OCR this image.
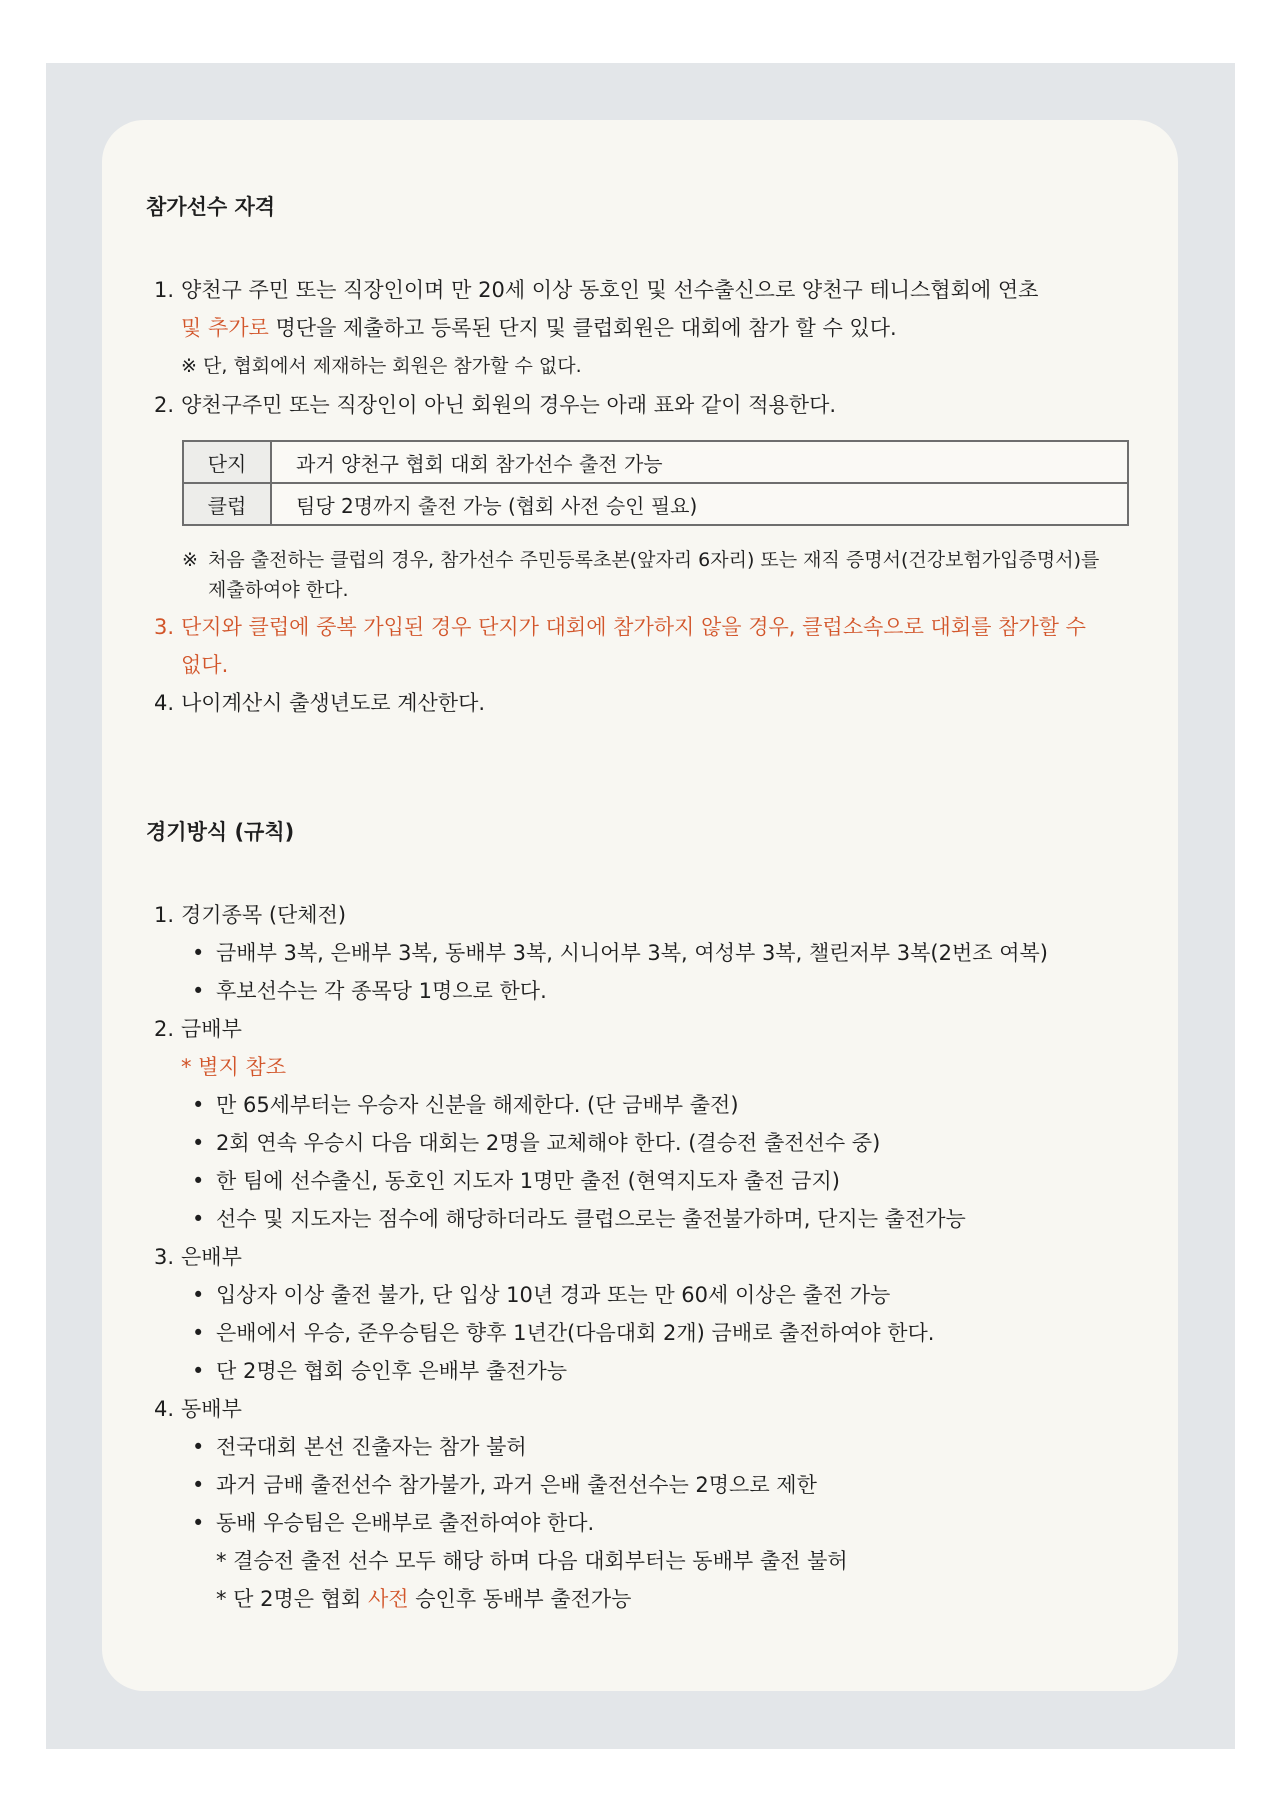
참가선수 자격

1. 양천구 주민 또는 직장인이며 만 20세 이상 동호인 및 선수출신으로 양천구 테니스협회에 연초

및 추가로 명단을 제출하고 등록된 단지 및 클럽회원은 대회에 참가 할 수 있다.

※ 단, 협회에서 제재하는 회원은 참가할 수 없다.

2. 양천구주민 또는 직장인이 아닌 회원의 경우는 아래 표와 같이 적용한다.

단지	과거 양천구 협회 대회 참가선수 출전 가능
클럽	팀당 2명까지 출전 가능 (협회 사전 승인 필요)

※ 처음 출전하는 클럽의 경우, 참가선수 주민등록초본(앞자리 6자리) 또는 재직 증명서(건강보험가입증명서)를

제출하여야 한다.

3. 단지와 클럽에 중복 가입된 경우 단지가 대회에 참가하지 않을 경우, 클럽소속으로 대회를 참가할 수

없다.

4. 나이계산시 출생년도로 계산한다.

경기방식 (규칙)

1. 경기종목 (단체전)

• 금배부 3복, 은배부 3복, 동배부 3복, 시니어부 3복, 여성부 3복, 챌린저부 3복(2번조 여복)

• 후보선수는 각 종목당 1명으로 한다.

2. 금배부

* 별지 참조

• 만 65세부터는 우승자 신분을 해제한다. (단 금배부 출전)

• 2회 연속 우승시 다음 대회는 2명을 교체해야 한다. (결승전 출전선수 중)

• 한 팀에 선수출신, 동호인 지도자 1명만 출전 (현역지도자 출전 금지)

• 선수 및 지도자는 점수에 해당하더라도 클럽으로는 출전불가하며, 단지는 출전가능

3. 은배부

• 입상자 이상 출전 불가, 단 입상 10년 경과 또는 만 60세 이상은 출전 가능

• 은배에서 우승, 준우승팀은 향후 1년간(다음대회 2개) 금배로 출전하여야 한다.

• 단 2명은 협회 승인후 은배부 출전가능

4. 동배부

• 전국대회 본선 진출자는 참가 불허

• 과거 금배 출전선수 참가불가, 과거 은배 출전선수는 2명으로 제한

• 동배 우승팀은 은배부로 출전하여야 한다.

* 결승전 출전 선수 모두 해당 하며 다음 대회부터는 동배부 출전 불허

* 단 2명은 협회 사전 승인후 동배부 출전가능
